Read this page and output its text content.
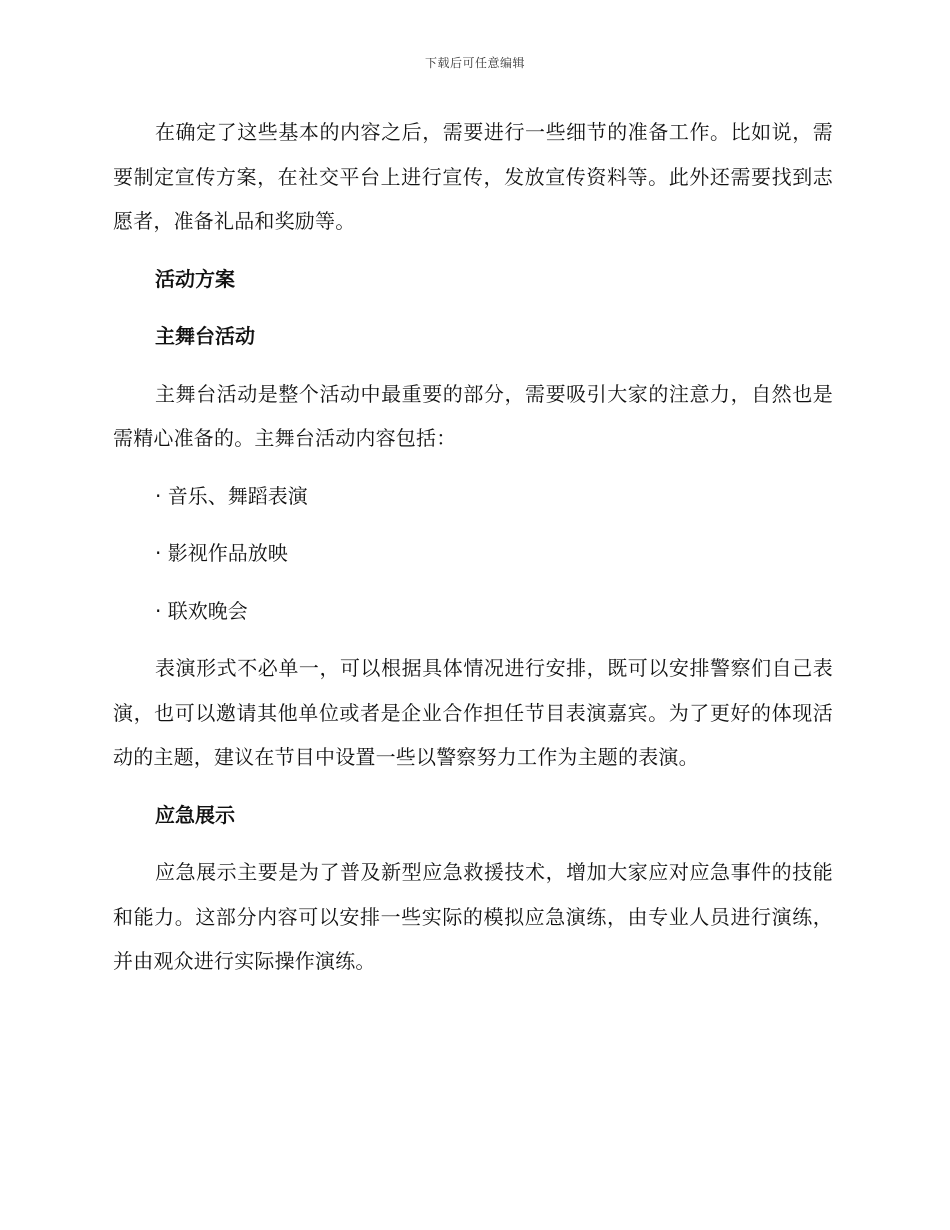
下载后可任意编辑

在确定了这些基本的内容之后，需要进行一些细节的准备工作。比如说，需要制定宣传方案，在社交平台上进行宣传，发放宣传资料等。此外还需要找到志愿者，准备礼品和奖励等。

活动方案
主舞台活动

主舞台活动是整个活动中最重要的部分，需要吸引大家的注意力，自然也是需精心准备的。主舞台活动内容包括：

· 音乐、舞蹈表演
· 影视作品放映
· 联欢晚会

表演形式不必单一，可以根据具体情况进行安排，既可以安排警察们自己表演，也可以邀请其他单位或者是企业合作担任节目表演嘉宾。为了更好的体现活动的主题，建议在节目中设置一些以警察努力工作为主题的表演。

应急展示

应急展示主要是为了普及新型应急救援技术，增加大家应对应急事件的技能和能力。这部分内容可以安排一些实际的模拟应急演练，由专业人员进行演练，并由观众进行实际操作演练。
